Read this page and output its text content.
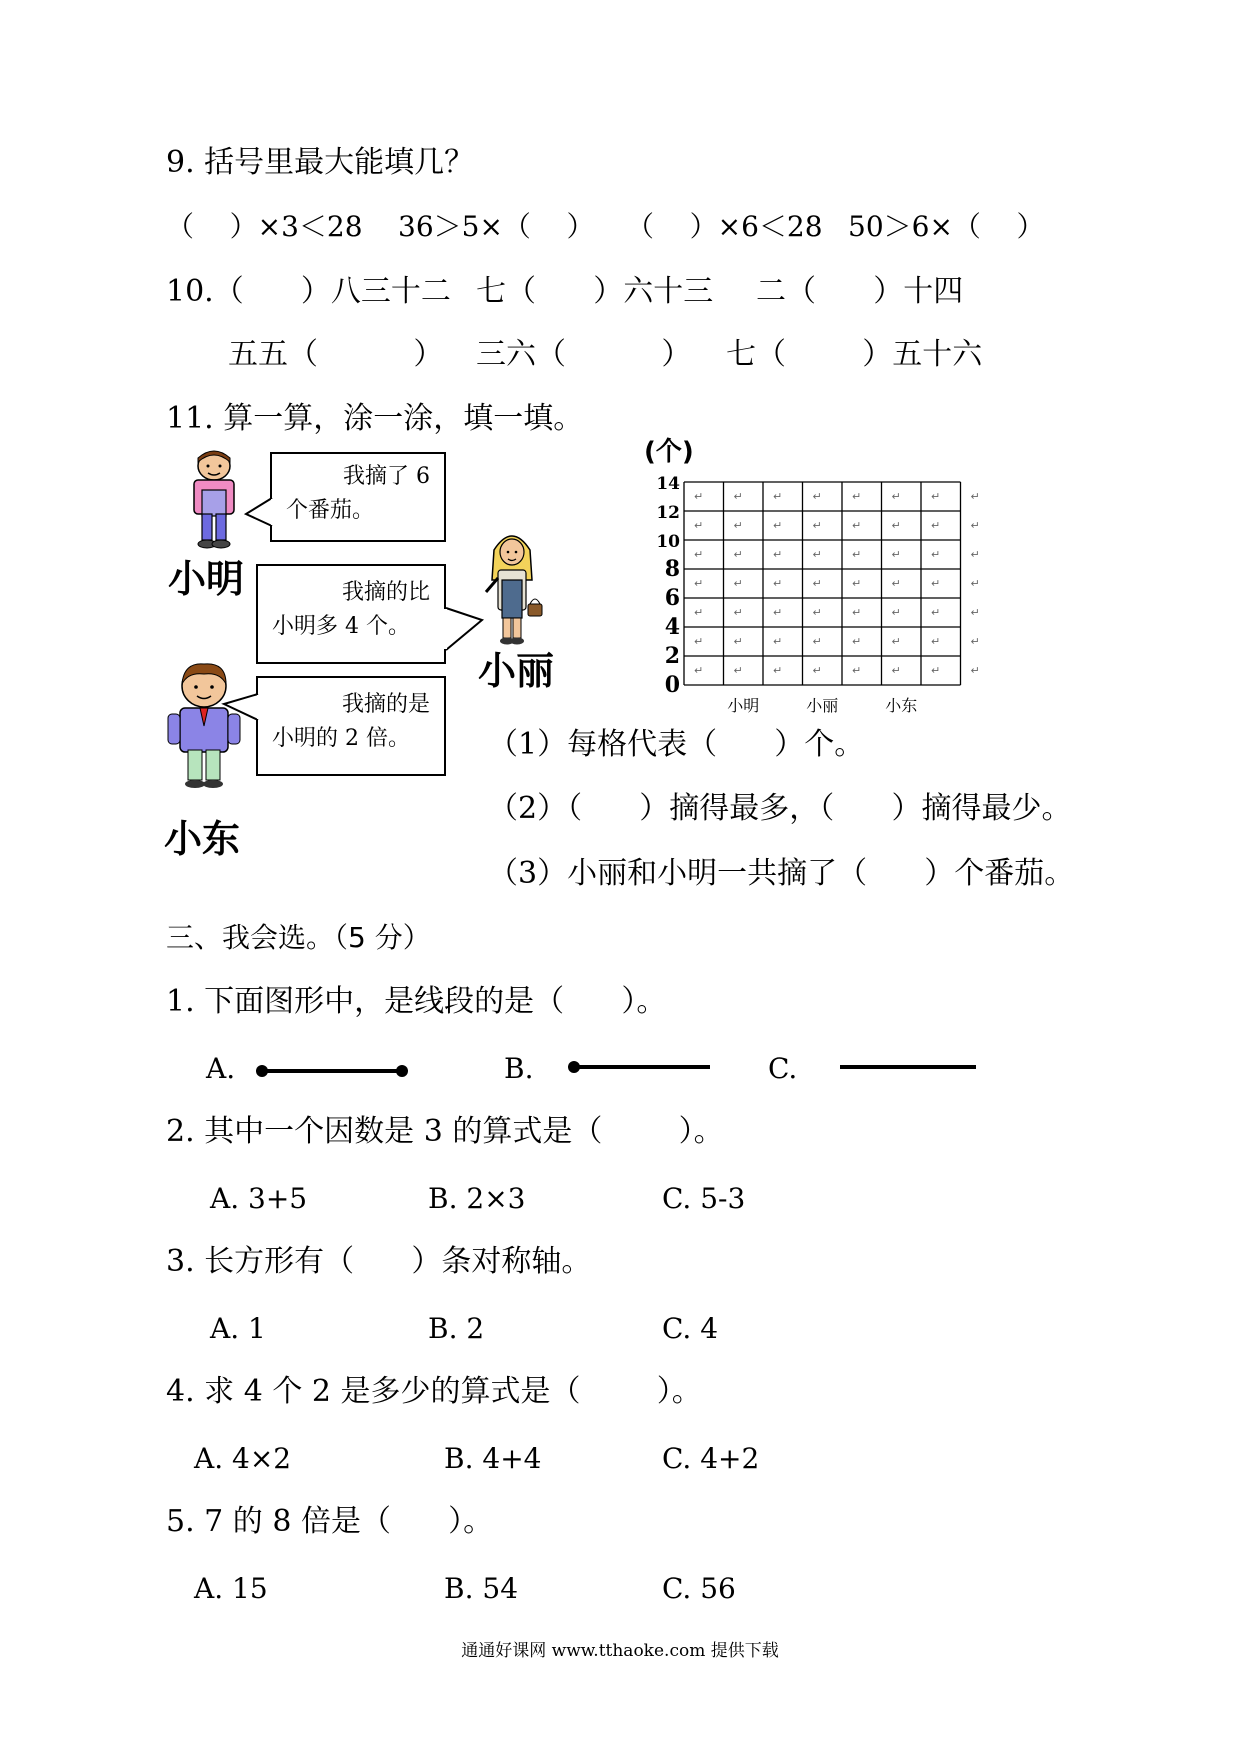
9. 括号里最大能填几？
（    ）×3＜28 36＞5×（    ） （    ）×6＜28 50＞6×（    ）
10.（      ）八三十二 七（      ）六十三 二（      ）十四
五五（          ） 三六（          ） 七（        ）五十六
11. 算一算，涂一涂，填一填。
小明
我摘了 6
个番茄。
我摘的比
小明多 4 个。
小丽
小东
我摘的是
小明的 2 倍。
(个)
0
2
4
6
8
10
12
14
↵	↵	↵	↵	↵	↵	↵	↵
↵	↵	↵	↵	↵	↵	↵	↵
↵	↵	↵	↵	↵	↵	↵	↵
↵	↵	↵	↵	↵	↵	↵	↵
↵	↵	↵	↵	↵	↵	↵	↵
↵	↵	↵	↵	↵	↵	↵	↵
↵	↵	↵	↵	↵	↵	↵	↵
小明	小丽	小东
（1）每格代表（      ）个。
（2）（      ）摘得最多，（      ）摘得最少。
（3）小丽和小明一共摘了（      ）个番茄。
三、我会选。（5 分）
1. 下面图形中，是线段的是（      ）。
A.	B.	C.
2. 其中一个因数是 3 的算式是（        ）。
A. 3+5	B. 2×3	C. 5-3
3. 长方形有（      ）条对称轴。
A. 1	B. 2	C. 4
4. 求 4 个 2 是多少的算式是（        ）。
A. 4×2	B. 4+4	C. 4+2
5. 7 的 8 倍是（      ）。
A. 15	B. 54	C. 56
通通好课网 www.tthaoke.com 提供下载
